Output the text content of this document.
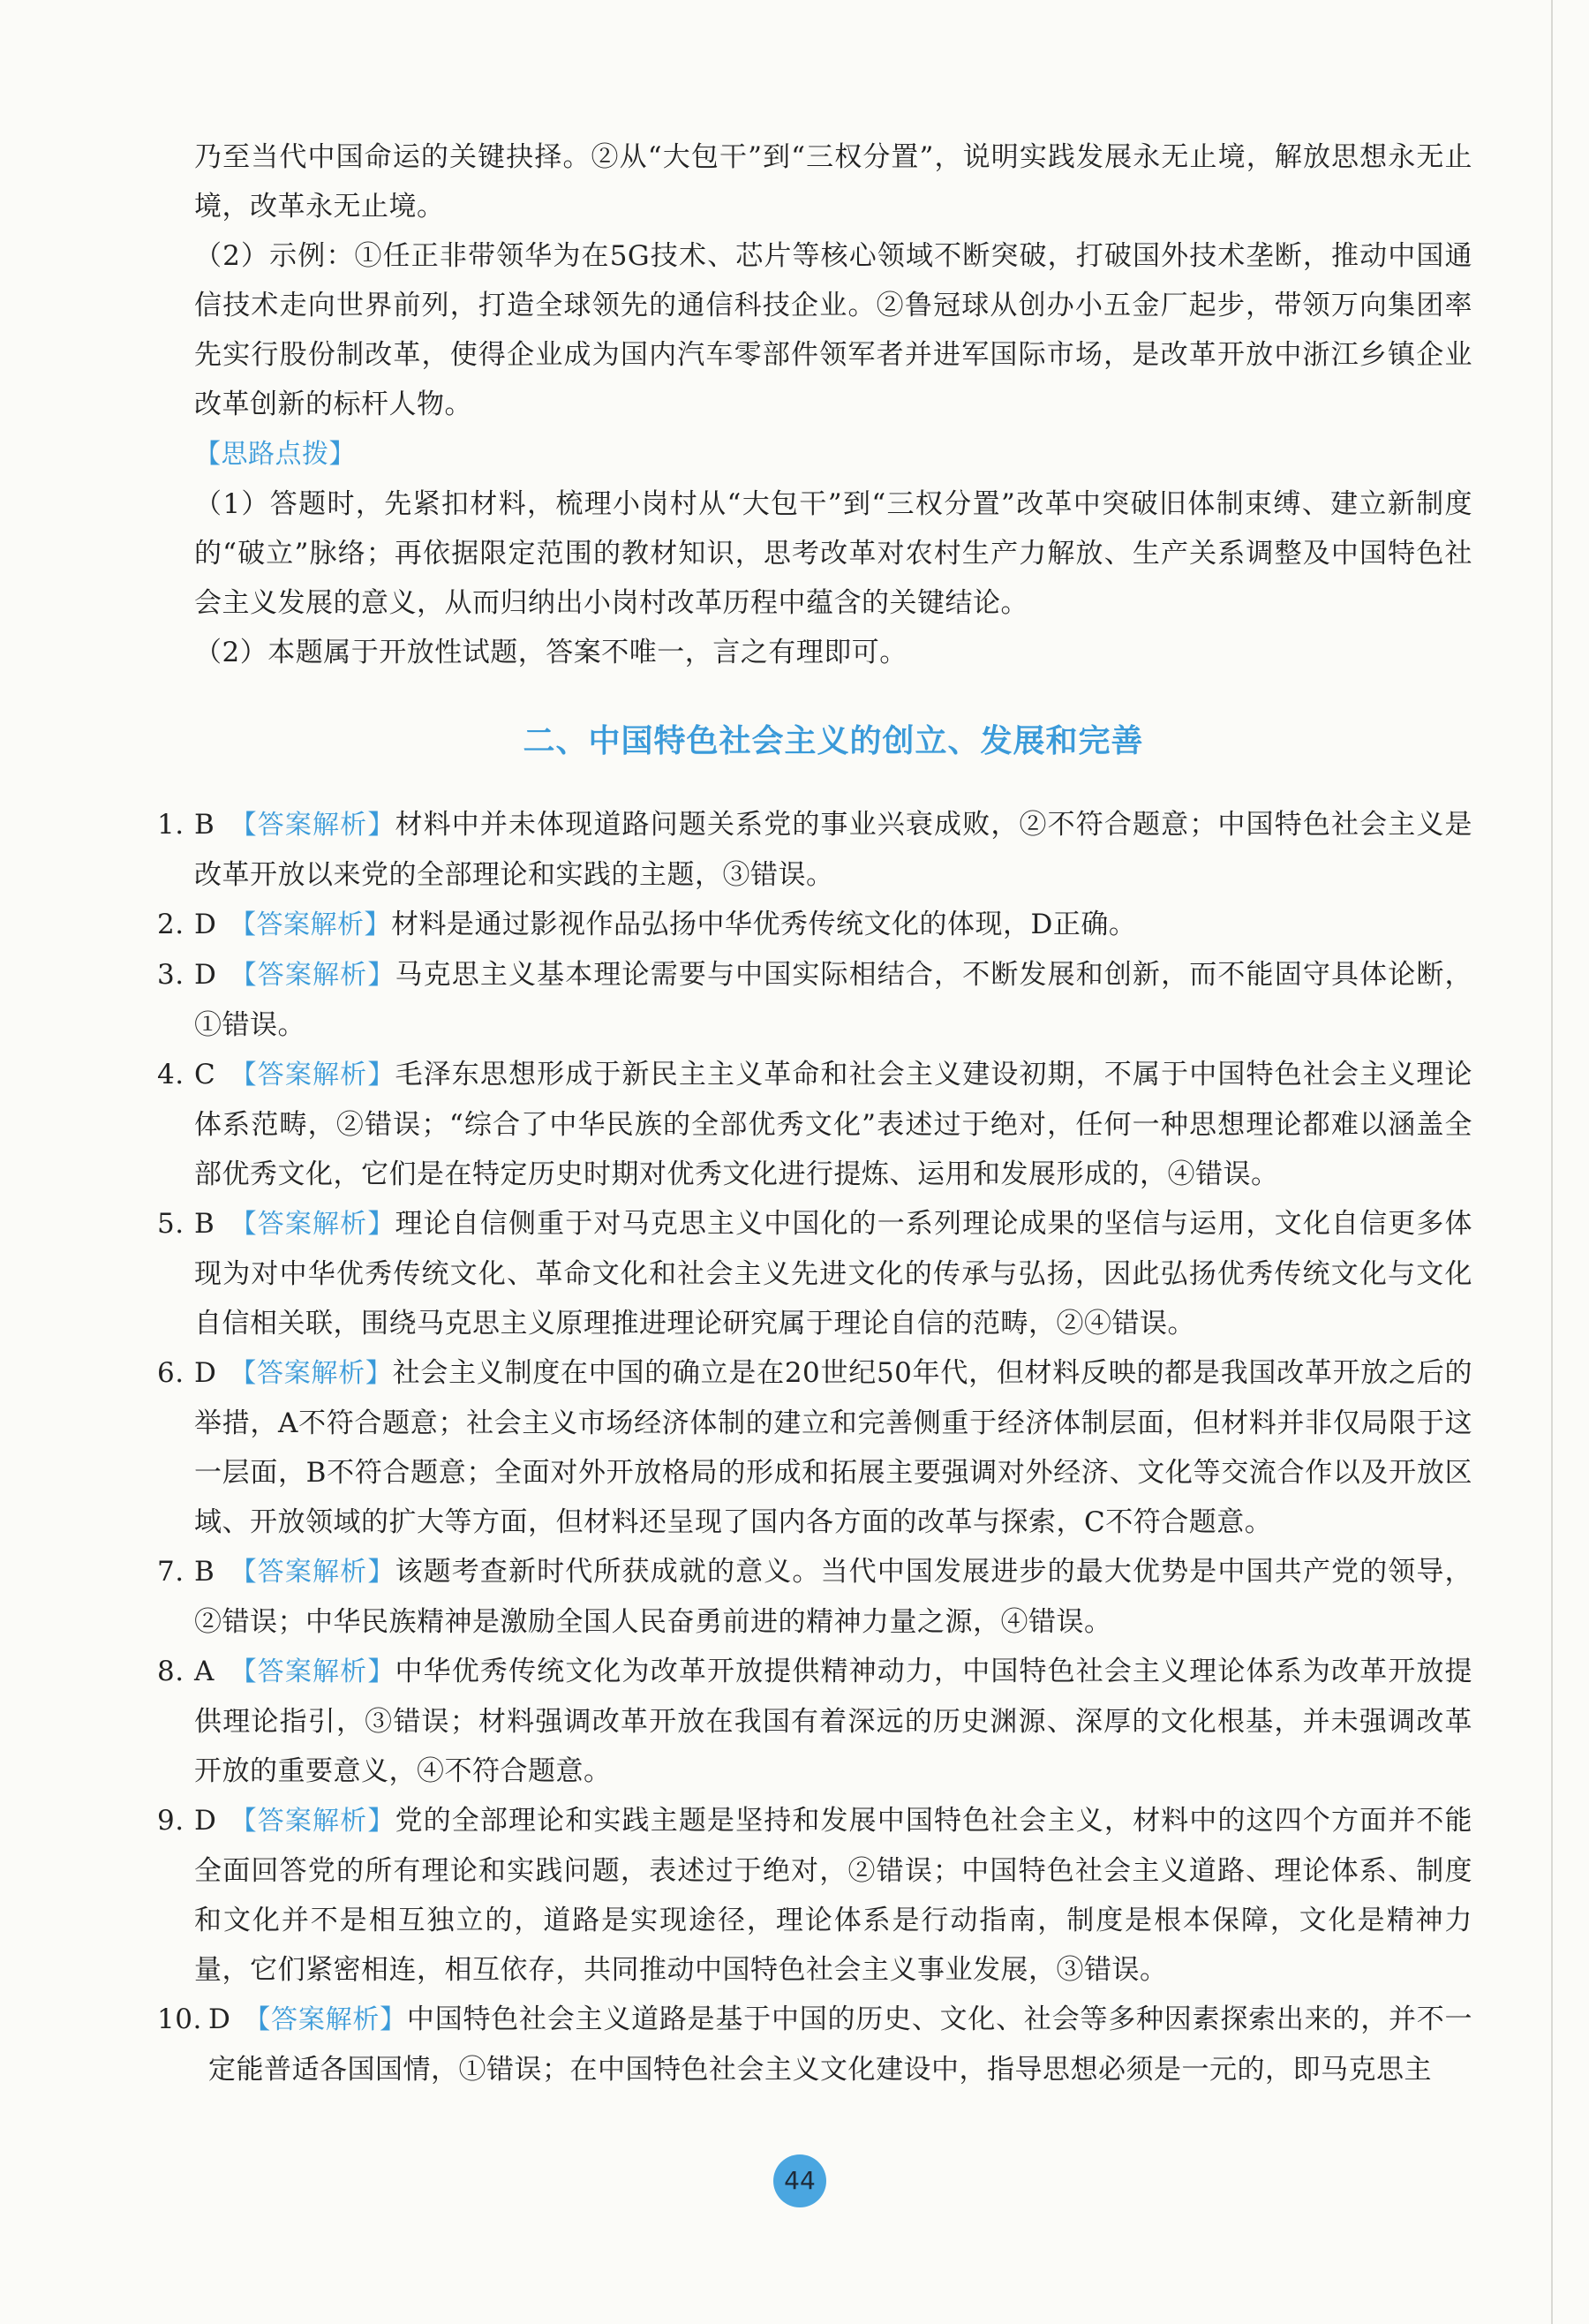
乃至当代中国命运的关键抉择。②从“大包干”到“三权分置”，说明实践发展永无止境，解放思想永无止境，改革永无止境。

（2）示例：①任正非带领华为在5G技术、芯片等核心领域不断突破，打破国外技术垄断，推动中国通信技术走向世界前列，打造全球领先的通信科技企业。②鲁冠球从创办小五金厂起步，带领万向集团率先实行股份制改革，使得企业成为国内汽车零部件领军者并进军国际市场，是改革开放中浙江乡镇企业改革创新的标杆人物。

【思路点拨】

（1）答题时，先紧扣材料，梳理小岗村从“大包干”到“三权分置”改革中突破旧体制束缚、建立新制度的“破立”脉络；再依据限定范围的教材知识，思考改革对农村生产力解放、生产关系调整及中国特色社会主义发展的意义，从而归纳出小岗村改革历程中蕴含的关键结论。

（2）本题属于开放性试题，答案不唯一，言之有理即可。

二、中国特色社会主义的创立、发展和完善
1. B 【答案解析】材料中并未体现道路问题关系党的事业兴衰成败，②不符合题意；中国特色社会主义是改革开放以来党的全部理论和实践的主题，③错误。
2. D 【答案解析】材料是通过影视作品弘扬中华优秀传统文化的体现，D正确。
3. D 【答案解析】马克思主义基本理论需要与中国实际相结合，不断发展和创新，而不能固守具体论断，①错误。
4. C 【答案解析】毛泽东思想形成于新民主主义革命和社会主义建设初期，不属于中国特色社会主义理论体系范畴，②错误；“综合了中华民族的全部优秀文化”表述过于绝对，任何一种思想理论都难以涵盖全部优秀文化，它们是在特定历史时期对优秀文化进行提炼、运用和发展形成的，④错误。
5. B 【答案解析】理论自信侧重于对马克思主义中国化的一系列理论成果的坚信与运用，文化自信更多体现为对中华优秀传统文化、革命文化和社会主义先进文化的传承与弘扬，因此弘扬优秀传统文化与文化自信相关联，围绕马克思主义原理推进理论研究属于理论自信的范畴，②④错误。
6. D 【答案解析】社会主义制度在中国的确立是在20世纪50年代，但材料反映的都是我国改革开放之后的举措，A不符合题意；社会主义市场经济体制的建立和完善侧重于经济体制层面，但材料并非仅局限于这一层面，B不符合题意；全面对外开放格局的形成和拓展主要强调对外经济、文化等交流合作以及开放区域、开放领域的扩大等方面，但材料还呈现了国内各方面的改革与探索，C不符合题意。
7. B 【答案解析】该题考查新时代所获成就的意义。当代中国发展进步的最大优势是中国共产党的领导，②错误；中华民族精神是激励全国人民奋勇前进的精神力量之源，④错误。
8. A 【答案解析】中华优秀传统文化为改革开放提供精神动力，中国特色社会主义理论体系为改革开放提供理论指引，③错误；材料强调改革开放在我国有着深远的历史渊源、深厚的文化根基，并未强调改革开放的重要意义，④不符合题意。
9. D 【答案解析】党的全部理论和实践主题是坚持和发展中国特色社会主义，材料中的这四个方面并不能全面回答党的所有理论和实践问题，表述过于绝对，②错误；中国特色社会主义道路、理论体系、制度和文化并不是相互独立的，道路是实现途径，理论体系是行动指南，制度是根本保障，文化是精神力量，它们紧密相连，相互依存，共同推动中国特色社会主义事业发展，③错误。
10. D 【答案解析】中国特色社会主义道路是基于中国的历史、文化、社会等多种因素探索出来的，并不一定能普适各国国情，①错误；在中国特色社会主义文化建设中，指导思想必须是一元的，即马克思主
44
